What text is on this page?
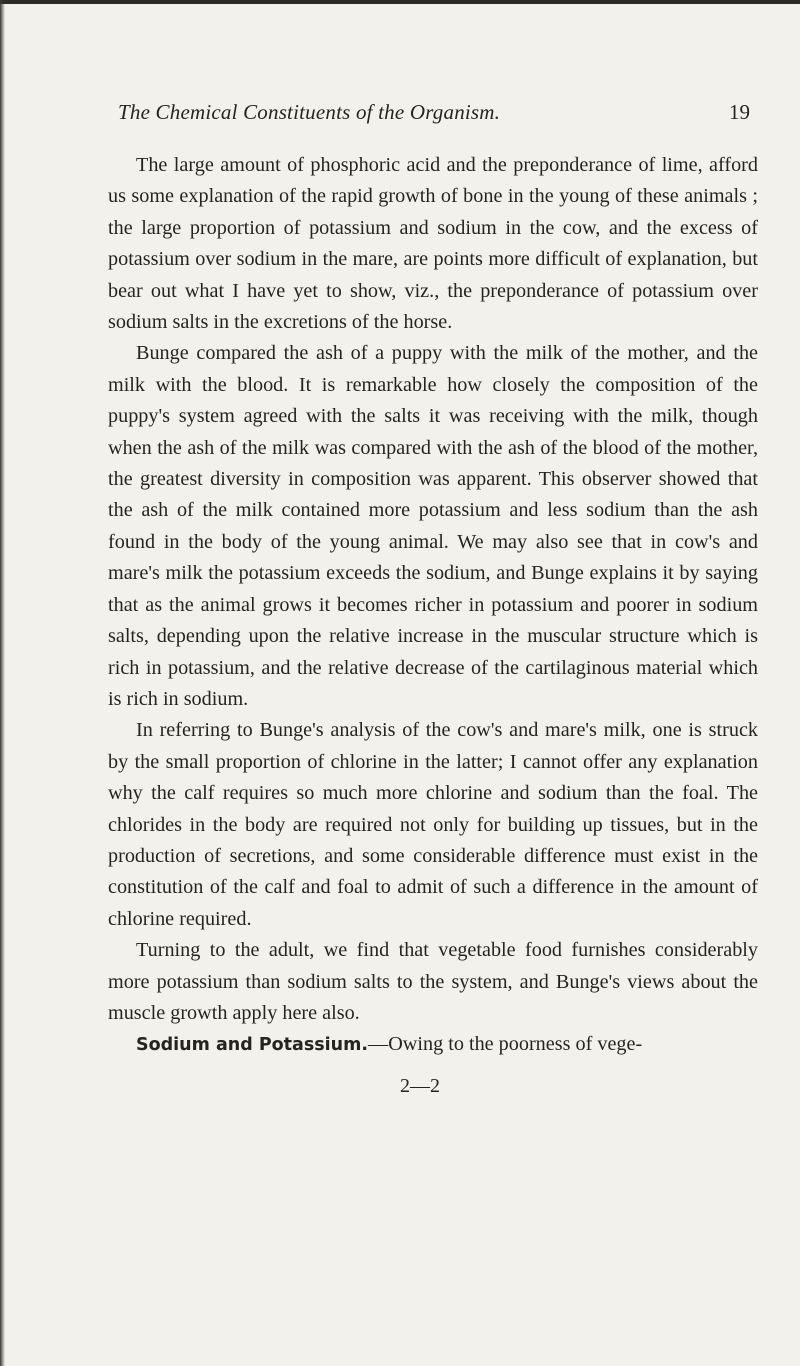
The Chemical Constituents of the Organism.	19

The large amount of phosphoric acid and the preponderance of lime, afford us some explanation of the rapid growth of bone in the young of these animals ; the large proportion of potassium and sodium in the cow, and the excess of potassium over sodium in the mare, are points more difficult of explanation, but bear out what I have yet to show, viz., the preponderance of potassium over sodium salts in the excretions of the horse.

Bunge compared the ash of a puppy with the milk of the mother, and the milk with the blood. It is remarkable how closely the composition of the puppy's system agreed with the salts it was receiving with the milk, though when the ash of the milk was compared with the ash of the blood of the mother, the greatest diversity in composition was apparent. This observer showed that the ash of the milk contained more potassium and less sodium than the ash found in the body of the young animal. We may also see that in cow's and mare's milk the potassium exceeds the sodium, and Bunge explains it by saying that as the animal grows it becomes richer in potassium and poorer in sodium salts, depending upon the relative increase in the muscular structure which is rich in potassium, and the relative decrease of the cartilaginous material which is rich in sodium.

In referring to Bunge's analysis of the cow's and mare's milk, one is struck by the small proportion of chlorine in the latter; I cannot offer any explanation why the calf requires so much more chlorine and sodium than the foal. The chlorides in the body are required not only for building up tissues, but in the production of secretions, and some considerable difference must exist in the constitution of the calf and foal to admit of such a difference in the amount of chlorine required.

Turning to the adult, we find that vegetable food furnishes considerably more potassium than sodium salts to the system, and Bunge's views about the muscle growth apply here also.

Sodium and Potassium.—Owing to the poorness of vege-

2—2
